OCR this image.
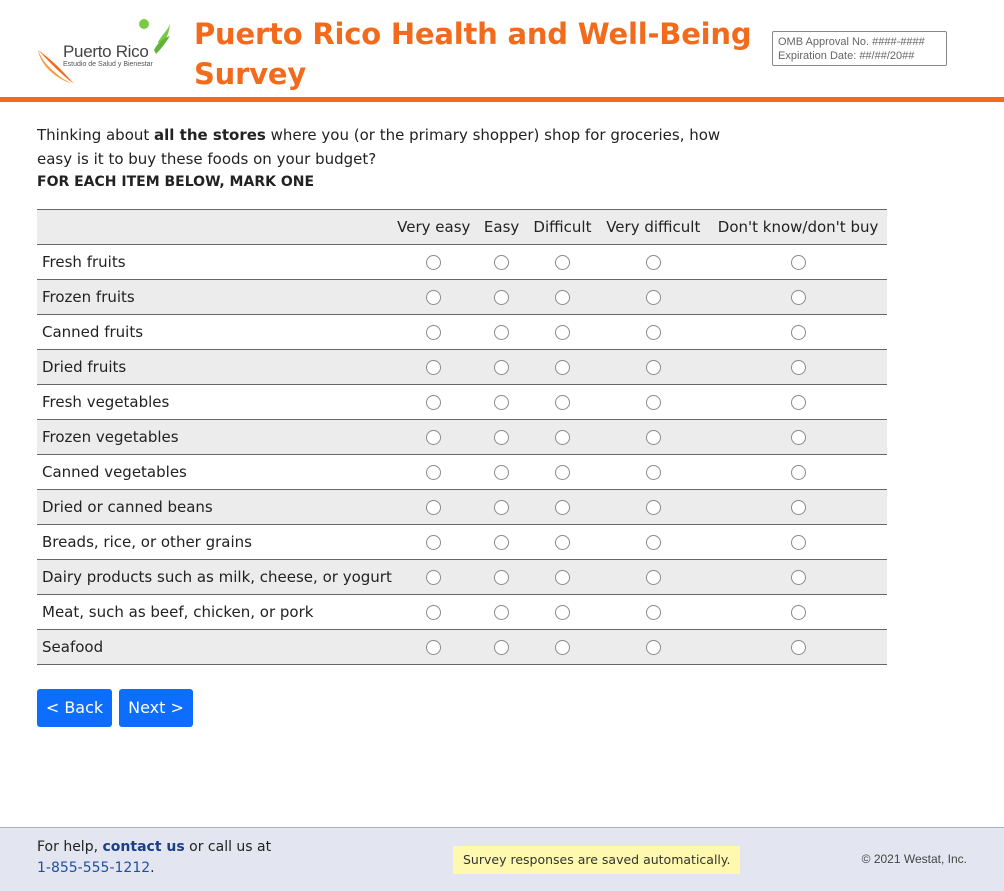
Puerto Rico
Estudio de Salud y Bienestar
Puerto Rico Health and Well-Being Survey
OMB Approval No. ####-####
Expiration Date: ##/##/20##
Thinking about all the stores where you (or the primary shopper) shop for groceries, how easy is it to buy these foods on your budget?
FOR EACH ITEM BELOW, MARK ONE
	Very easy	Easy	Difficult	Very difficult	Don't know/don't buy
Fresh fruits					
Frozen fruits					
Canned fruits					
Dried fruits					
Fresh vegetables					
Frozen vegetables					
Canned vegetables					
Dried or canned beans					
Breads, rice, or other grains					
Dairy products such as milk, cheese, or yogurt					
Meat, such as beef, chicken, or pork					
Seafood					
< Back	Next >
For help, contact us or call us at
1-855-555-1212.
Survey responses are saved automatically.	© 2021 Westat, Inc.
